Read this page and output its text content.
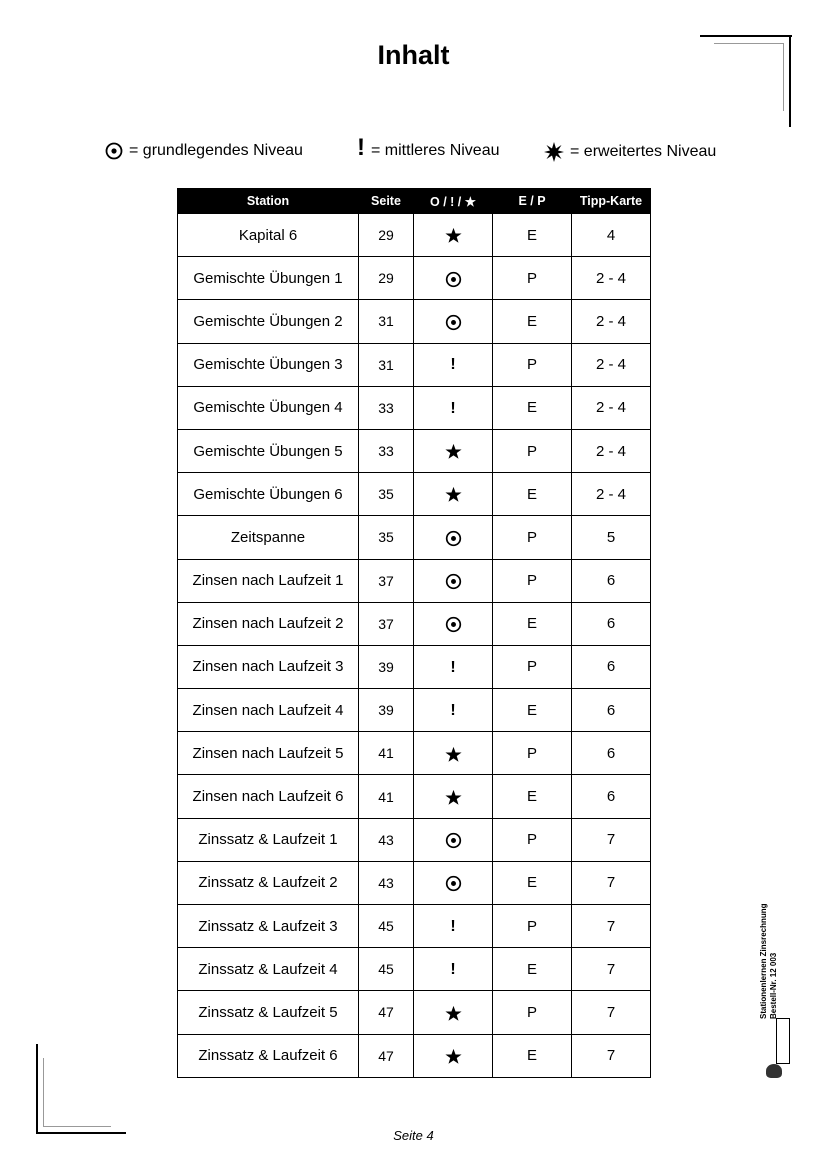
Inhalt
= grundlegendes Niveau ! = mittleres Niveau	= erweitertes Niveau
Station	Seite	O / ! / ★	E / P	Tipp-Karte
Kapital 6	29		E	4
Gemischte Übungen 1	29		P	2 - 4
Gemischte Übungen 2	31		E	2 - 4
Gemischte Übungen 3	31	!	P	2 - 4
Gemischte Übungen 4	33	!	E	2 - 4
Gemischte Übungen 5	33		P	2 - 4
Gemischte Übungen 6	35		E	2 - 4
Zeitspanne	35		P	5
Zinsen nach Laufzeit 1	37		P	6
Zinsen nach Laufzeit 2	37		E	6
Zinsen nach Laufzeit 3	39	!	P	6
Zinsen nach Laufzeit 4	39	!	E	6
Zinsen nach Laufzeit 5	41		P	6
Zinsen nach Laufzeit 6	41		E	6
Zinssatz & Laufzeit 1	43		P	7
Zinssatz & Laufzeit 2	43		E	7
Zinssatz & Laufzeit 3	45	!	P	7
Zinssatz & Laufzeit 4	45	!	E	7
Zinssatz & Laufzeit 5	47		P	7
Zinssatz & Laufzeit 6	47		E	7
Stationenlernen Zinsrechnung Bestell-Nr. 12 003
Seite 4
